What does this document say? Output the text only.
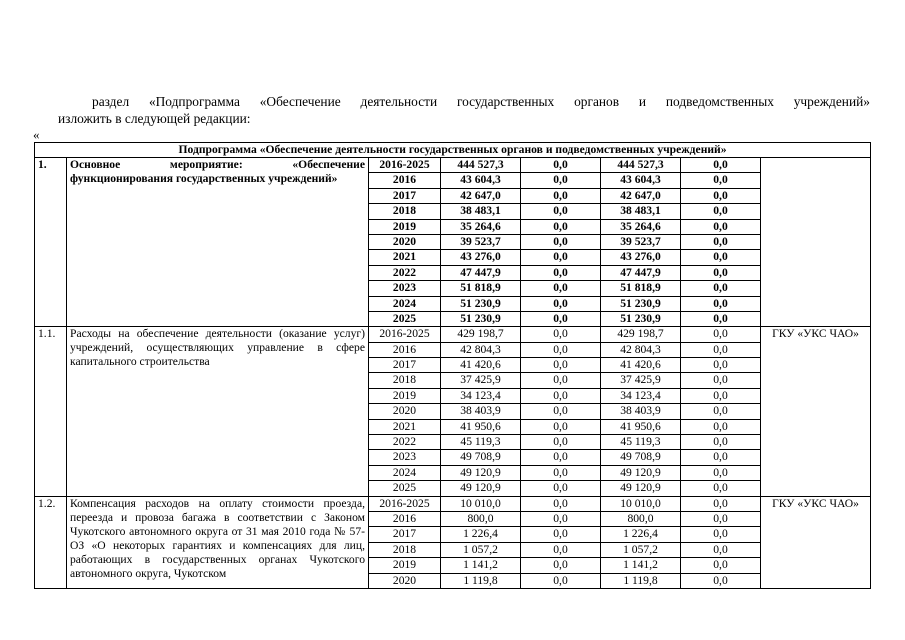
раздел «Подпрограмма «Обеспечение деятельности государственных органов и подведомственных учреждений»
изложить в следующей редакции:
«
Подпрограмма «Обеспечение деятельности государственных органов и подведомственных учреждений»							
1.	Основное мероприятие: «Обеспечение функционирования государственных учреждений»	2016-2025	444 527,3	0,0	444 527,3	0,0	
		2016	43 604,3	0,0	43 604,3	0,0	
		2017	42 647,0	0,0	42 647,0	0,0	
		2018	38 483,1	0,0	38 483,1	0,0	
		2019	35 264,6	0,0	35 264,6	0,0	
		2020	39 523,7	0,0	39 523,7	0,0	
		2021	43 276,0	0,0	43 276,0	0,0	
		2022	47 447,9	0,0	47 447,9	0,0	
		2023	51 818,9	0,0	51 818,9	0,0	
		2024	51 230,9	0,0	51 230,9	0,0	
		2025	51 230,9	0,0	51 230,9	0,0	
1.1.	Расходы на обеспечение деятельности (оказание услуг) учреждений, осуществляющих управление в сфере капитального строительства	2016-2025	429 198,7	0,0	429 198,7	0,0	ГКУ «УКС ЧАО»
		2016	42 804,3	0,0	42 804,3	0,0	
		2017	41 420,6	0,0	41 420,6	0,0	
		2018	37 425,9	0,0	37 425,9	0,0	
		2019	34 123,4	0,0	34 123,4	0,0	
		2020	38 403,9	0,0	38 403,9	0,0	
		2021	41 950,6	0,0	41 950,6	0,0	
		2022	45 119,3	0,0	45 119,3	0,0	
		2023	49 708,9	0,0	49 708,9	0,0	
		2024	49 120,9	0,0	49 120,9	0,0	
		2025	49 120,9	0,0	49 120,9	0,0	
1.2.	Компенсация расходов на оплату стоимости проезда, переезда и провоза багажа в соответствии с Законом Чукотского автономного округа от 31 мая 2010 года № 57-ОЗ «О некоторых гарантиях и компенсациях для лиц, работающих в государственных органах Чукотского автономного округа, Чукотском	2016-2025	10 010,0	0,0	10 010,0	0,0	ГКУ «УКС ЧАО»
		2016	800,0	0,0	800,0	0,0	
		2017	1 226,4	0,0	1 226,4	0,0	
		2018	1 057,2	0,0	1 057,2	0,0	
		2019	1 141,2	0,0	1 141,2	0,0	
		2020	1 119,8	0,0	1 119,8	0,0	
